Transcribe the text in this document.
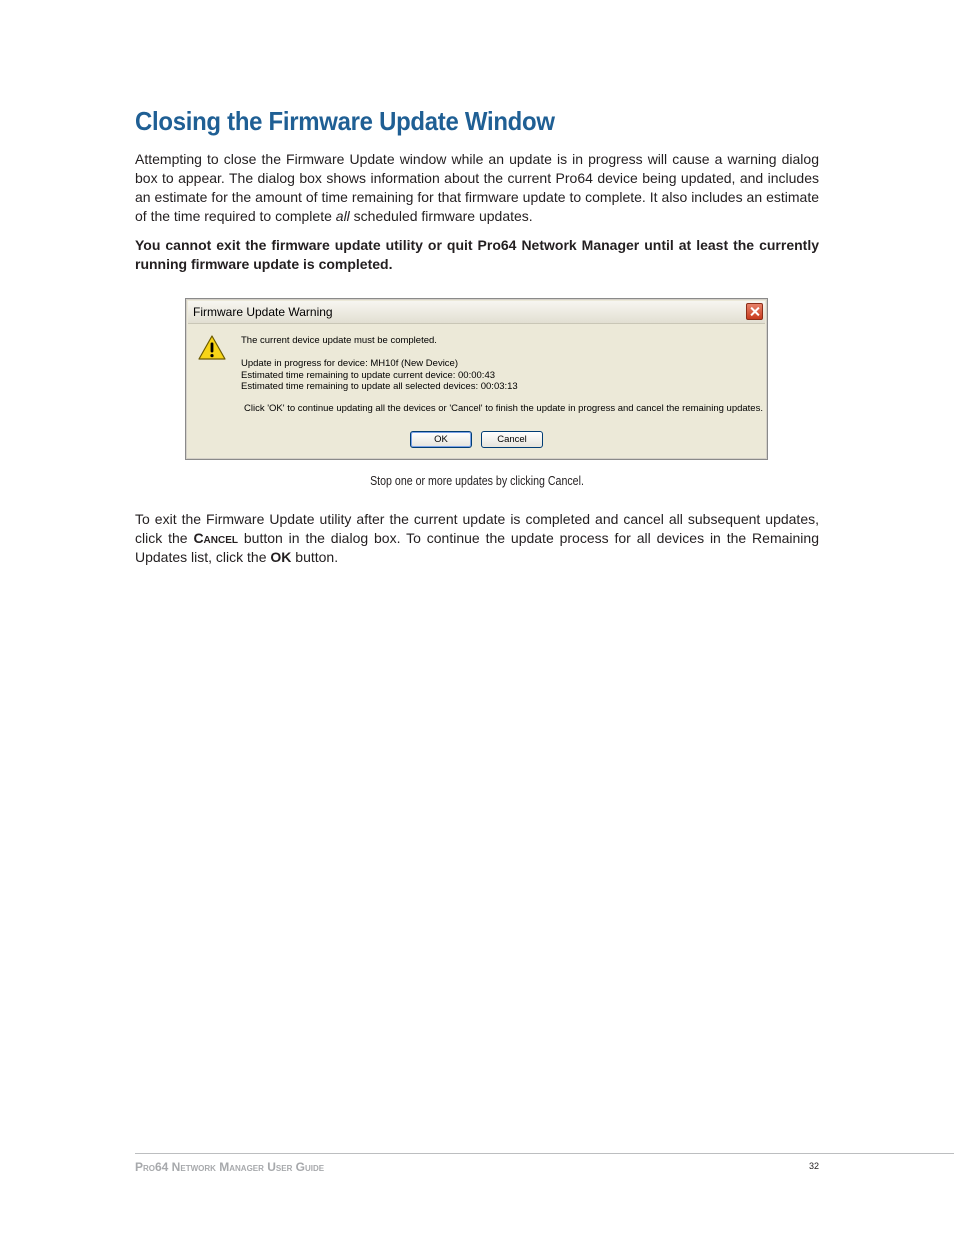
Closing the Firmware Update Window

Attempting to close the Firmware Update window while an update is in progress will cause a warning dialog box to appear. The dialog box shows information about the current Pro64 device being updated, and includes an estimate for the amount of time remaining for that firmware update to complete. It also includes an estimate of the time required to complete all scheduled firmware updates.

You cannot exit the firmware update utility or quit Pro64 Network Manager until at least the currently running firmware update is completed.

Firmware Update Warning
The current device update must be completed.
Update in progress for device: MH10f (New Device)
Estimated time remaining to update current device: 00:00:43
Estimated time remaining to update all selected devices: 00:03:13
Click 'OK' to continue updating all the devices or 'Cancel' to finish the update in progress and cancel the remaining updates.
OK	Cancel

Stop one or more updates by clicking Cancel.

To exit the Firmware Update utility after the current update is completed and cancel all subsequent updates, click the Cancel button in the dialog box. To continue the update process for all devices in the Remaining Updates list, click the OK button.

Pro64 Network Manager User Guide	32
